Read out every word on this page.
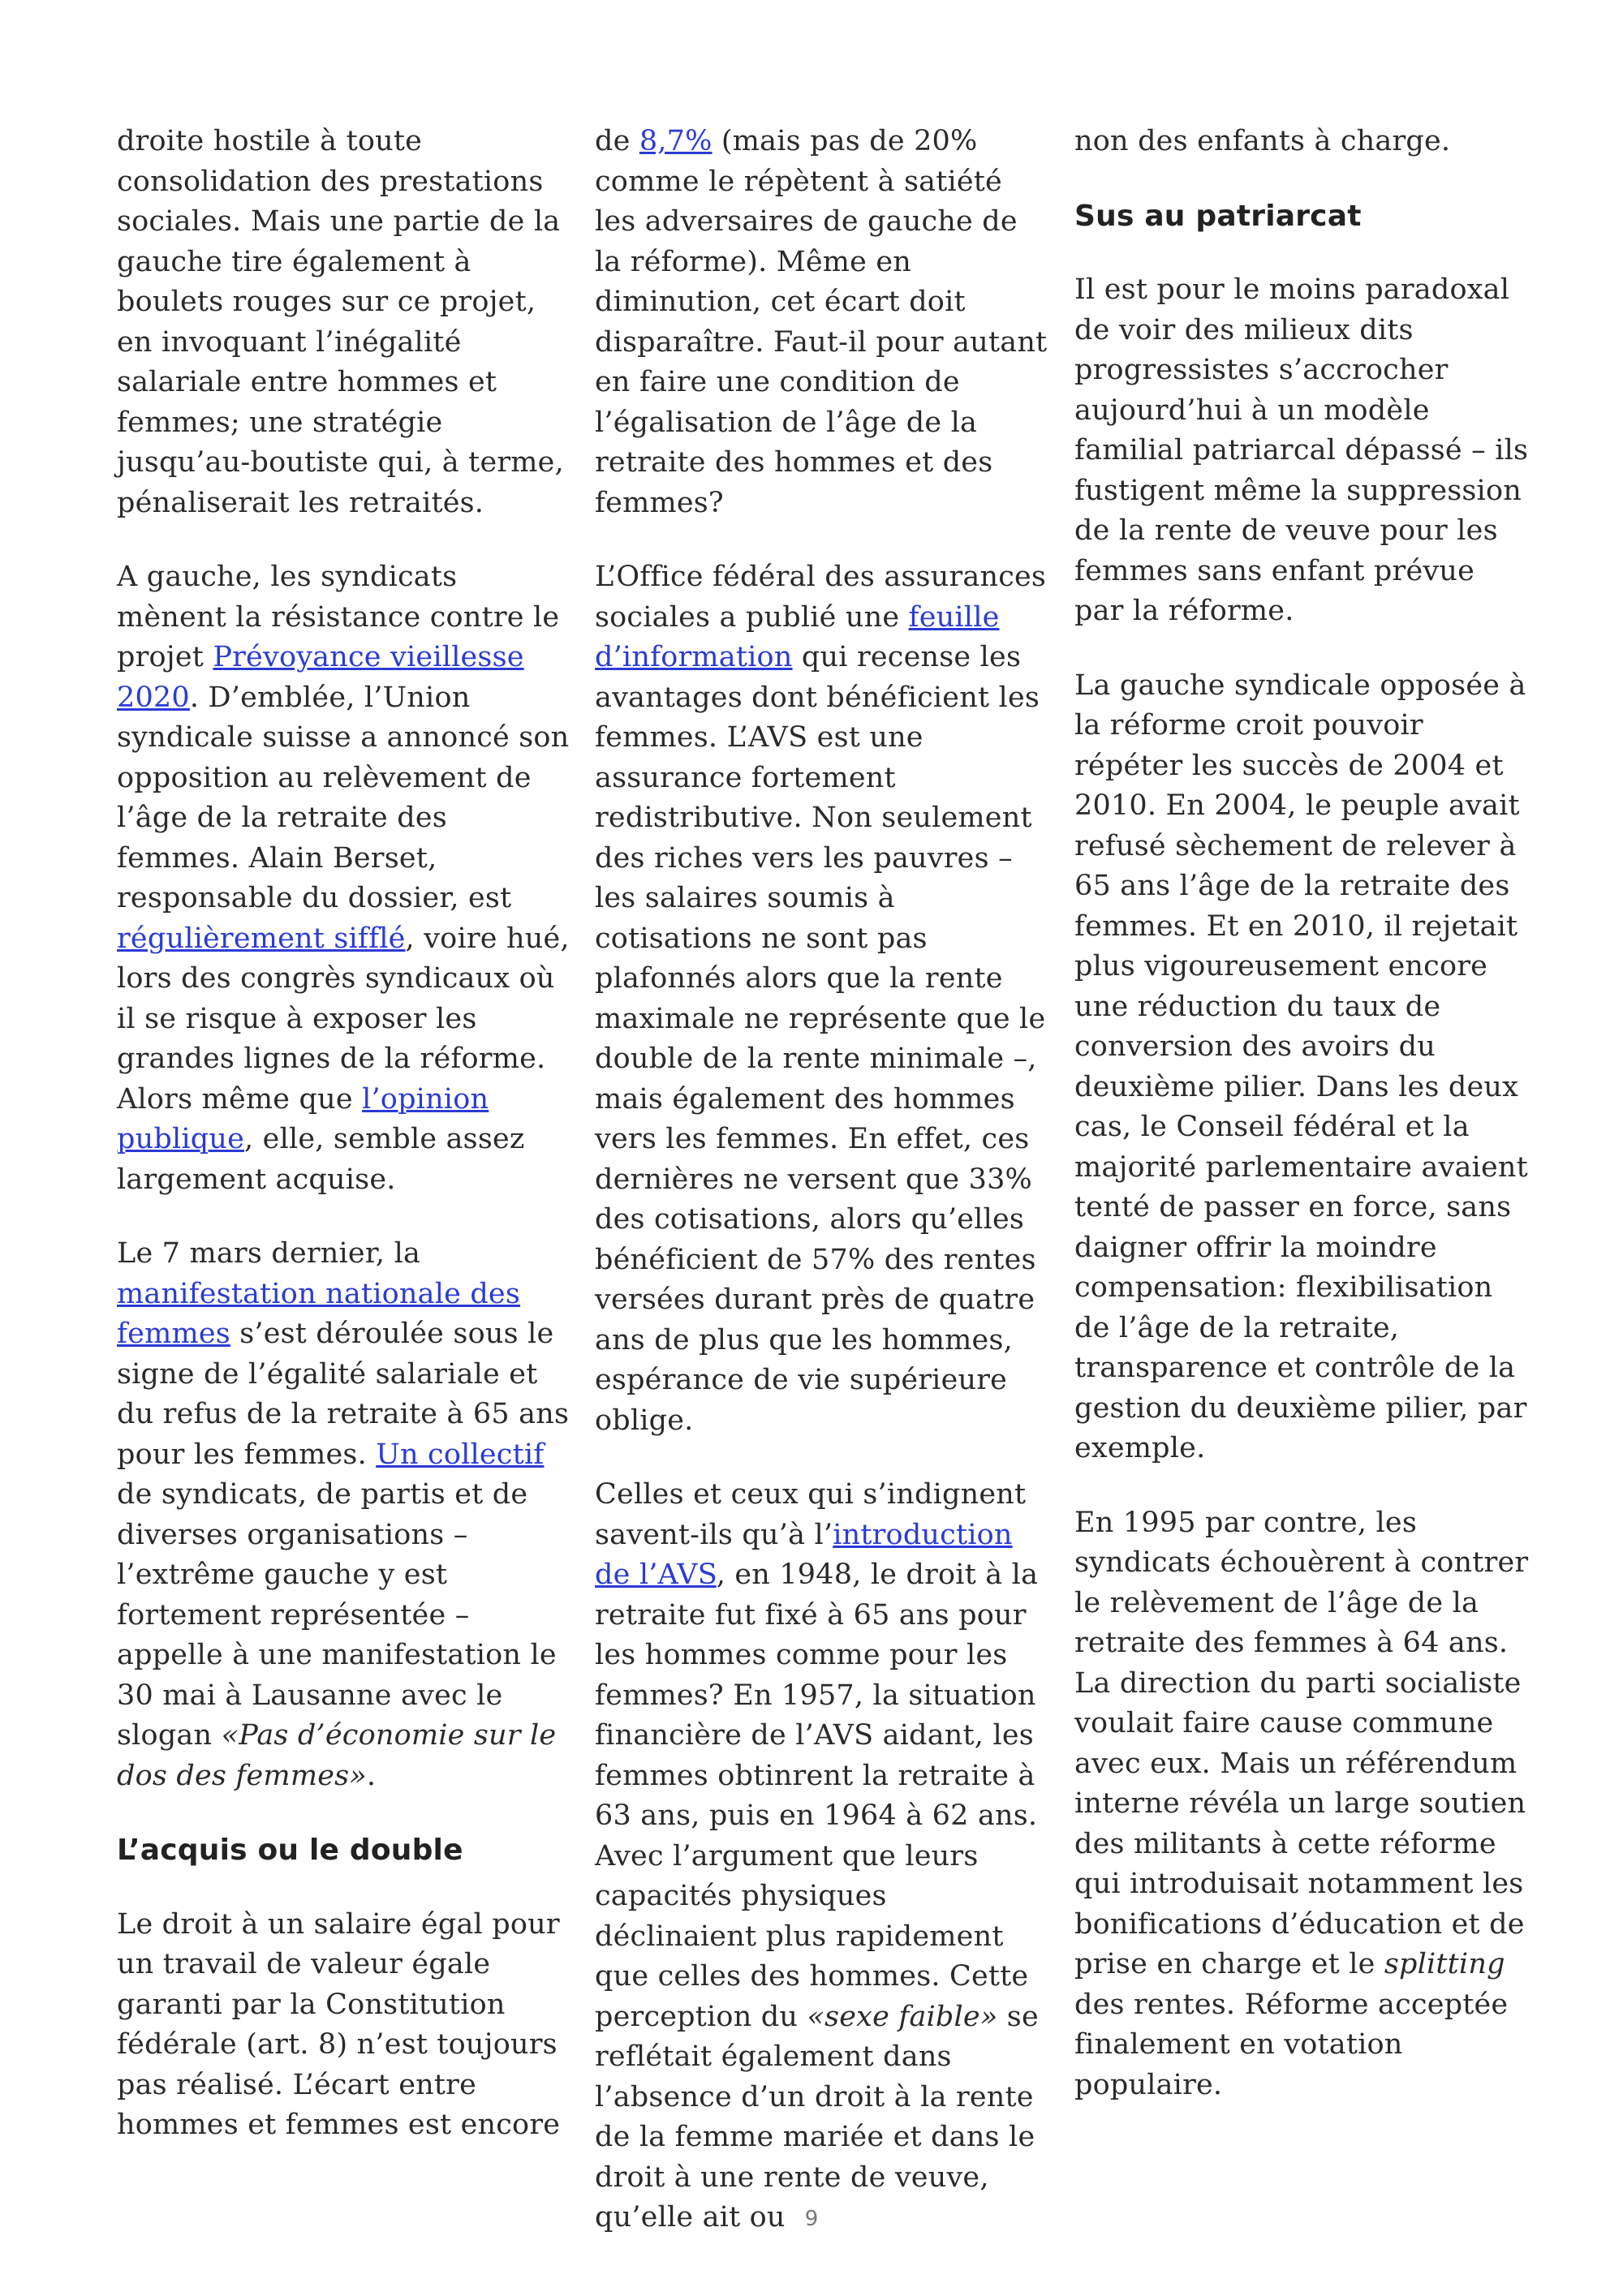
droite hostile à toute consolidation des prestations sociales. Mais une partie de la gauche tire également à boulets rouges sur ce projet, en invoquant l’inégalité salariale entre hommes et femmes; une stratégie jusqu’au-boutiste qui, à terme, pénaliserait les retraités.

A gauche, les syndicats mènent la résistance contre le projet Prévoyance vieillesse 2020. D’emblée, l’Union syndicale suisse a annoncé son opposition au relèvement de l’âge de la retraite des femmes. Alain Berset, responsable du dossier, est régulièrement sifflé, voire hué, lors des congrès syndicaux où il se risque à exposer les grandes lignes de la réforme. Alors même que l’opinion publique, elle, semble assez largement acquise.

Le 7 mars dernier, la manifestation nationale des femmes s’est déroulée sous le signe de l’égalité salariale et du refus de la retraite à 65 ans pour les femmes. Un collectif de syndicats, de partis et de diverses organisations – l’extrême gauche y est fortement représentée – appelle à une manifestation le 30 mai à Lausanne avec le slogan «Pas d’économie sur le dos des femmes».

L’acquis ou le double

Le droit à un salaire égal pour un travail de valeur égale garanti par la Constitution fédérale (art. 8) n’est toujours pas réalisé. L’écart entre hommes et femmes est encore

de 8,7% (mais pas de 20% comme le répètent à satiété les adversaires de gauche de la réforme). Même en diminution, cet écart doit disparaître. Faut-il pour autant en faire une condition de l’égalisation de l’âge de la retraite des hommes et des femmes?

L’Office fédéral des assurances sociales a publié une feuille d’information qui recense les avantages dont bénéficient les femmes. L’AVS est une assurance fortement redistributive. Non seulement des riches vers les pauvres – les salaires soumis à cotisations ne sont pas plafonnés alors que la rente maximale ne représente que le double de la rente minimale –, mais également des hommes vers les femmes. En effet, ces dernières ne versent que 33% des cotisations, alors qu’elles bénéficient de 57% des rentes versées durant près de quatre ans de plus que les hommes, espérance de vie supérieure oblige.

Celles et ceux qui s’indignent savent-ils qu’à l’introduction de l’AVS, en 1948, le droit à la retraite fut fixé à 65 ans pour les hommes comme pour les femmes? En 1957, la situation financière de l’AVS aidant, les femmes obtinrent la retraite à 63 ans, puis en 1964 à 62 ans. Avec l’argument que leurs capacités physiques déclinaient plus rapidement que celles des hommes. Cette perception du «sexe faible» se reflétait également dans l’absence d’un droit à la rente de la femme mariée et dans le droit à une rente de veuve, qu’elle ait ou

non des enfants à charge.

Sus au patriarcat

Il est pour le moins paradoxal de voir des milieux dits progressistes s’accrocher aujourd’hui à un modèle familial patriarcal dépassé – ils fustigent même la suppression de la rente de veuve pour les femmes sans enfant prévue par la réforme.

La gauche syndicale opposée à la réforme croit pouvoir répéter les succès de 2004 et 2010. En 2004, le peuple avait refusé sèchement de relever à 65 ans l’âge de la retraite des femmes. Et en 2010, il rejetait plus vigoureusement encore une réduction du taux de conversion des avoirs du deuxième pilier. Dans les deux cas, le Conseil fédéral et la majorité parlementaire avaient tenté de passer en force, sans daigner offrir la moindre compensation: flexibilisation de l’âge de la retraite, transparence et contrôle de la gestion du deuxième pilier, par exemple.

En 1995 par contre, les syndicats échouèrent à contrer le relèvement de l’âge de la retraite des femmes à 64 ans. La direction du parti socialiste voulait faire cause commune avec eux. Mais un référendum interne révéla un large soutien des militants à cette réforme qui introduisait notamment les bonifications d’éducation et de prise en charge et le splitting des rentes. Réforme acceptée finalement en votation populaire.

9
